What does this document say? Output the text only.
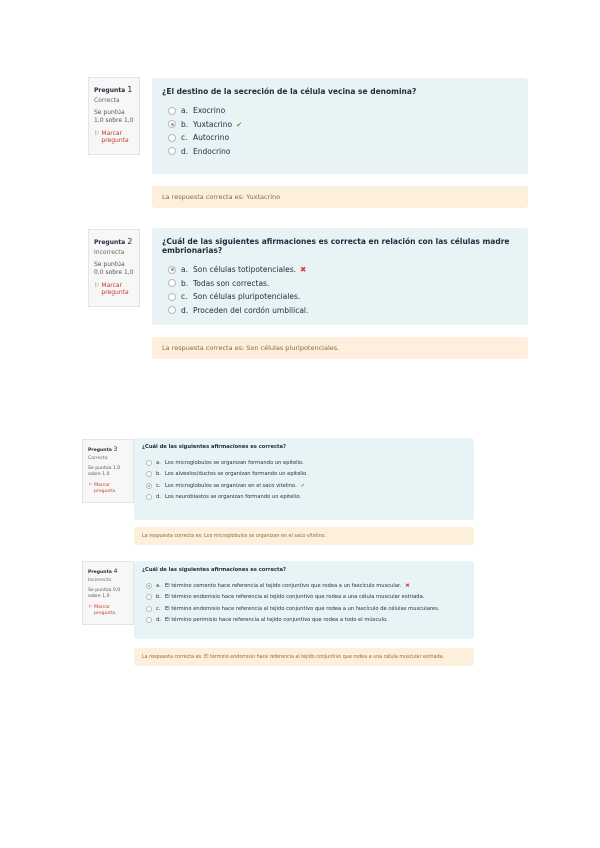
Pregunta 1
Correcta
Se puntúa 1,0 sobre 1,0
⚐ Marcar pregunta
¿El destino de la secreción de la célula vecina se denomina?
a. Exocrino
b. Yuxtacrino ✔
c. Autocrino
d. Endocrino
La respuesta correcta es: Yuxtacrino
Pregunta 2
Incorrecta
Se puntúa 0,0 sobre 1,0
⚐ Marcar pregunta
¿Cuál de las siguientes afirmaciones es correcta en relación con las células madre embrionarias?
a. Son células totipotenciales. ✖
b. Todas son correctas.
c. Son células pluripotenciales.
d. Proceden del cordón umbilical.
La respuesta correcta es: Son células pluripotenciales.
Pregunta 3
Correcta
Se puntúa 1,0 sobre 1,0
⚐ Marcar pregunta
¿Cuál de las siguientes afirmaciones es correcta?
a. Los microglobulos se organizan formando un epitelio.
b. Los alveolos/ductos se organizan formando un epitelio.
c. Los microglobulos se organizan en el saco vitelino. ✔
d. Los neuroblastos se organizan formando un epitelio.
La respuesta correcta es: Los microglobulos se organizan en el saco vitelino.
Pregunta 4
Incorrecta
Se puntúa 0,0 sobre 1,0
⚐ Marcar pregunta
¿Cuál de las siguientes afirmaciones es correcta?
a. El término cemento hace referencia al tejido conjuntivo que rodea a un fascículo muscular. ✖
b. El término endomisio hace referencia al tejido conjuntivo que rodea a una célula muscular estriada.
c. El término endomisio hace referencia al tejido conjuntivo que rodea a un fascículo de células musculares.
d. El término perimisio hace referencia al tejido conjuntivo que rodea a todo el músculo.
La respuesta correcta es: El término endomisio hace referencia al tejido conjuntivo que rodea a una célula muscular estriada.
